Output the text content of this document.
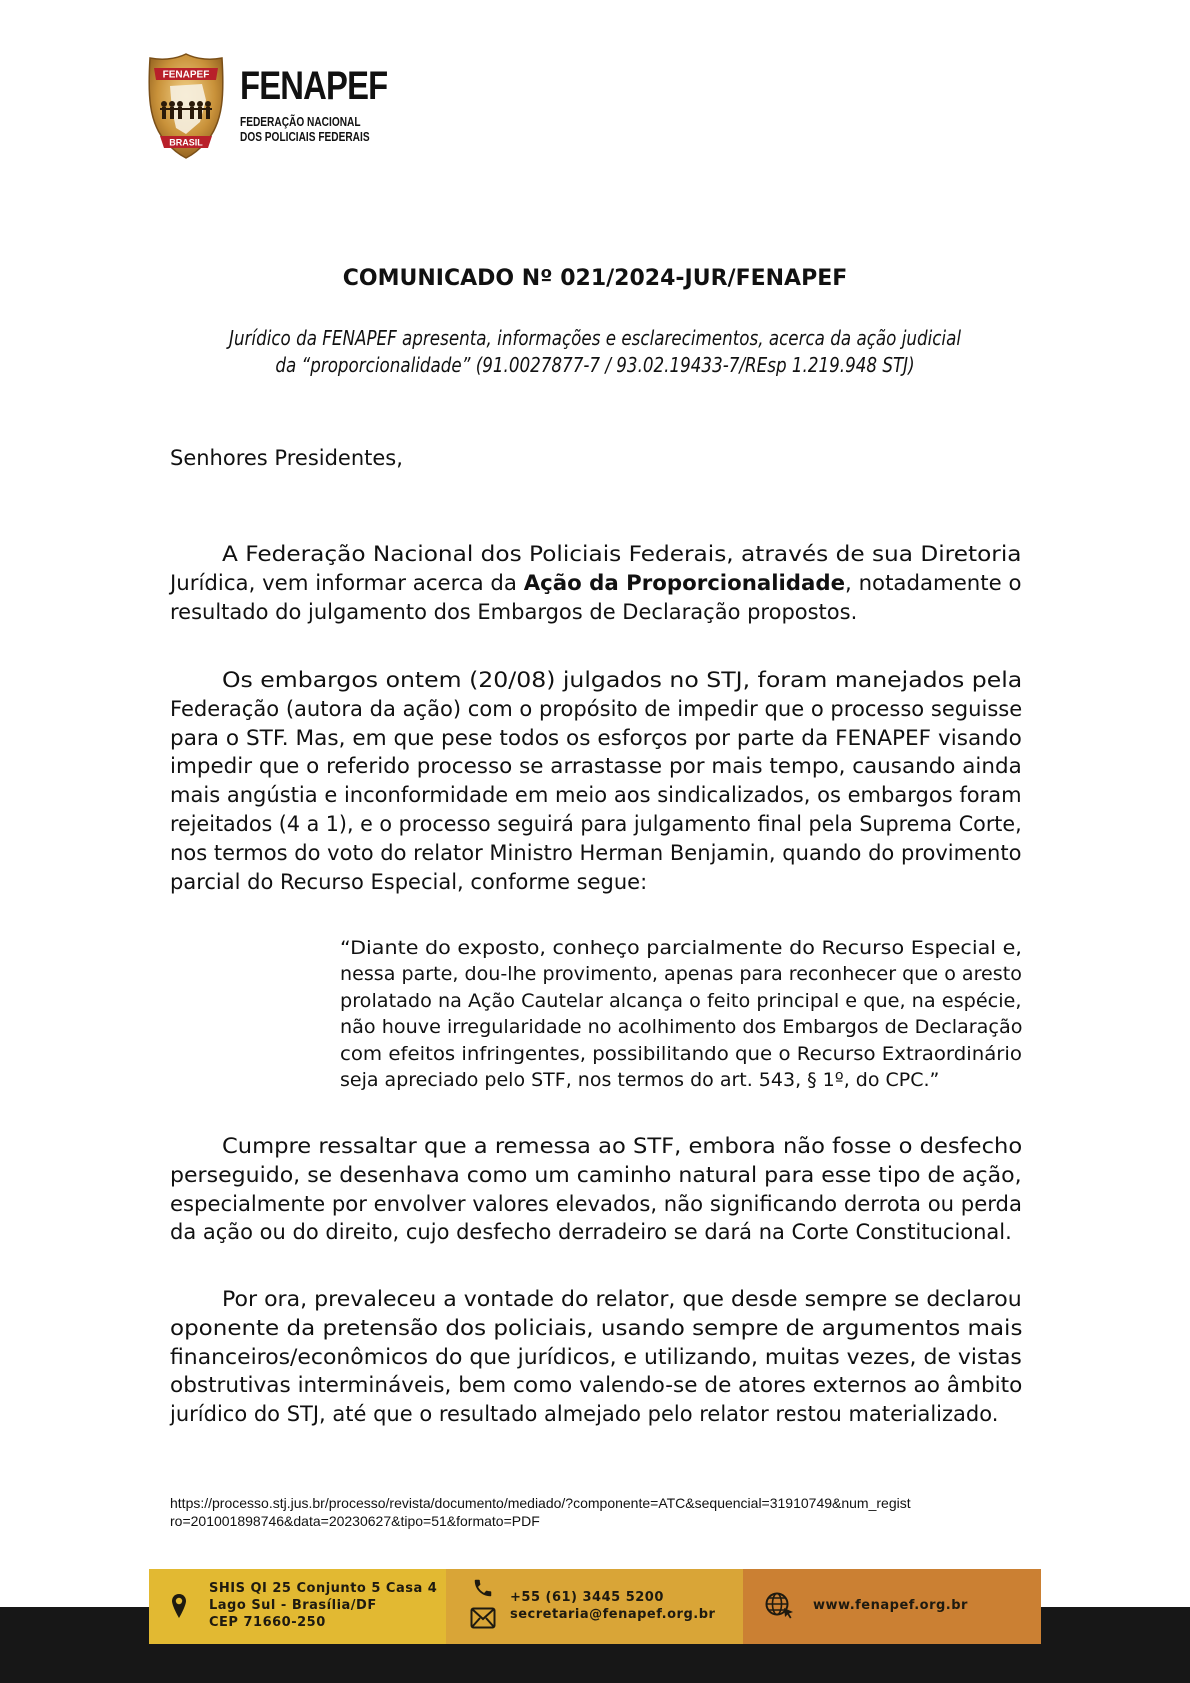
FENAPEF
BRASIL
FENAPEF
FEDERAÇÃO NACIONAL
DOS POLICIAIS FEDERAIS
COMUNICADO Nº 021/2024-JUR/FENAPEF
Jurídico da FENAPEF apresenta, informações e esclarecimentos, acerca da ação judicial
da “proporcionalidade” (91.0027877-7 / 93.02.19433-7/REsp 1.219.948 STJ)
Senhores Presidentes,
A Federação Nacional dos Policiais Federais, através de sua Diretoria
Jurídica, vem informar acerca da Ação da Proporcionalidade, notadamente o
resultado do julgamento dos Embargos de Declaração propostos.
Os embargos ontem (20/08) julgados no STJ, foram manejados pela
Federação (autora da ação) com o propósito de impedir que o processo seguisse
para o STF. Mas, em que pese todos os esforços por parte da FENAPEF visando
impedir que o referido processo se arrastasse por mais tempo, causando ainda
mais angústia e inconformidade em meio aos sindicalizados, os embargos foram
rejeitados (4 a 1), e o processo seguirá para julgamento final pela Suprema Corte,
nos termos do voto do relator Ministro Herman Benjamin, quando do provimento
parcial do Recurso Especial, conforme segue:
“Diante do exposto, conheço parcialmente do Recurso Especial e,
nessa parte, dou-lhe provimento, apenas para reconhecer que o aresto
prolatado na Ação Cautelar alcança o feito principal e que, na espécie,
não houve irregularidade no acolhimento dos Embargos de Declaração
com efeitos infringentes, possibilitando que o Recurso Extraordinário
seja apreciado pelo STF, nos termos do art. 543, § 1º, do CPC.”
Cumpre ressaltar que a remessa ao STF, embora não fosse o desfecho
perseguido, se desenhava como um caminho natural para esse tipo de ação,
especialmente por envolver valores elevados, não significando derrota ou perda
da ação ou do direito, cujo desfecho derradeiro se dará na Corte Constitucional.
Por ora, prevaleceu a vontade do relator, que desde sempre se declarou
oponente da pretensão dos policiais, usando sempre de argumentos mais
financeiros/econômicos do que jurídicos, e utilizando, muitas vezes, de vistas
obstrutivas intermináveis, bem como valendo-se de atores externos ao âmbito
jurídico do STJ, até que o resultado almejado pelo relator restou materializado.
https://processo.stj.jus.br/processo/revista/documento/mediado/?componente=ATC&sequencial=31910749&num_regist
ro=201001898746&data=20230627&tipo=51&formato=PDF
SHIS QI 25 Conjunto 5 Casa 4
Lago Sul - Brasília/DF
CEP 71660-250
+55 (61) 3445 5200
secretaria@fenapef.org.br
www.fenapef.org.br
